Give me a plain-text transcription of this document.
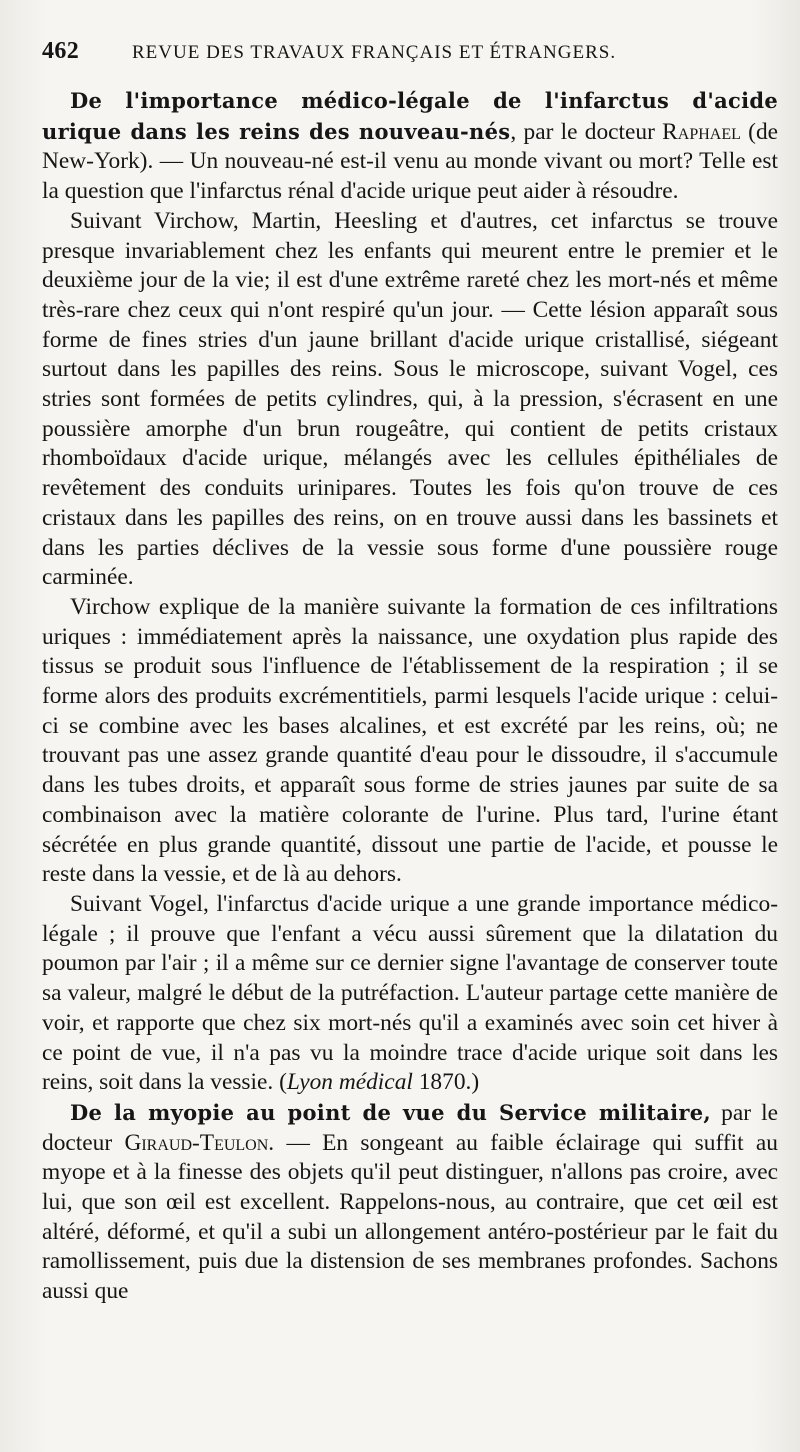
462	REVUE DES TRAVAUX FRANÇAIS ET ÉTRANGERS.

De l'importance médico-légale de l'infarctus d'acide urique dans les reins des nouveau-nés, par le docteur Raphael (de New-York). — Un nouveau-né est-il venu au monde vivant ou mort? Telle est la question que l'infarctus rénal d'acide urique peut aider à résoudre.

Suivant Virchow, Martin, Heesling et d'autres, cet infarctus se trouve presque invariablement chez les enfants qui meurent entre le premier et le deuxième jour de la vie; il est d'une extrême rareté chez les mort-nés et même très-rare chez ceux qui n'ont respiré qu'un jour. — Cette lésion apparaît sous forme de fines stries d'un jaune brillant d'acide urique cristallisé, siégeant surtout dans les papilles des reins. Sous le microscope, suivant Vogel, ces stries sont formées de petits cylindres, qui, à la pression, s'écrasent en une poussière amorphe d'un brun rougeâtre, qui contient de petits cristaux rhomboïdaux d'acide urique, mélangés avec les cellules épithéliales de revêtement des conduits urinipares. Toutes les fois qu'on trouve de ces cristaux dans les papilles des reins, on en trouve aussi dans les bassinets et dans les parties déclives de la vessie sous forme d'une poussière rouge carminée.

Virchow explique de la manière suivante la formation de ces infiltrations uriques : immédiatement après la naissance, une oxydation plus rapide des tissus se produit sous l'influence de l'établissement de la respiration ; il se forme alors des produits excrémentitiels, parmi lesquels l'acide urique : celui-ci se combine avec les bases alcalines, et est excrété par les reins, où; ne trouvant pas une assez grande quantité d'eau pour le dissoudre, il s'accumule dans les tubes droits, et apparaît sous forme de stries jaunes par suite de sa combinaison avec la matière colorante de l'urine. Plus tard, l'urine étant sécrétée en plus grande quantité, dissout une partie de l'acide, et pousse le reste dans la vessie, et de là au dehors.

Suivant Vogel, l'infarctus d'acide urique a une grande importance médico-légale ; il prouve que l'enfant a vécu aussi sûrement que la dilatation du poumon par l'air ; il a même sur ce dernier signe l'avantage de conserver toute sa valeur, malgré le début de la putréfaction. L'auteur partage cette manière de voir, et rapporte que chez six mort-nés qu'il a examinés avec soin cet hiver à ce point de vue, il n'a pas vu la moindre trace d'acide urique soit dans les reins, soit dans la vessie. (Lyon médical 1870.)

De la myopie au point de vue du Service militaire, par le docteur Giraud-Teulon. — En songeant au faible éclairage qui suffit au myope et à la finesse des objets qu'il peut distinguer, n'allons pas croire, avec lui, que son œil est excellent. Rappelons-nous, au contraire, que cet œil est altéré, déformé, et qu'il a subi un allongement antéro-postérieur par le fait du ramollissement, puis due la distension de ses membranes profondes. Sachons aussi que
